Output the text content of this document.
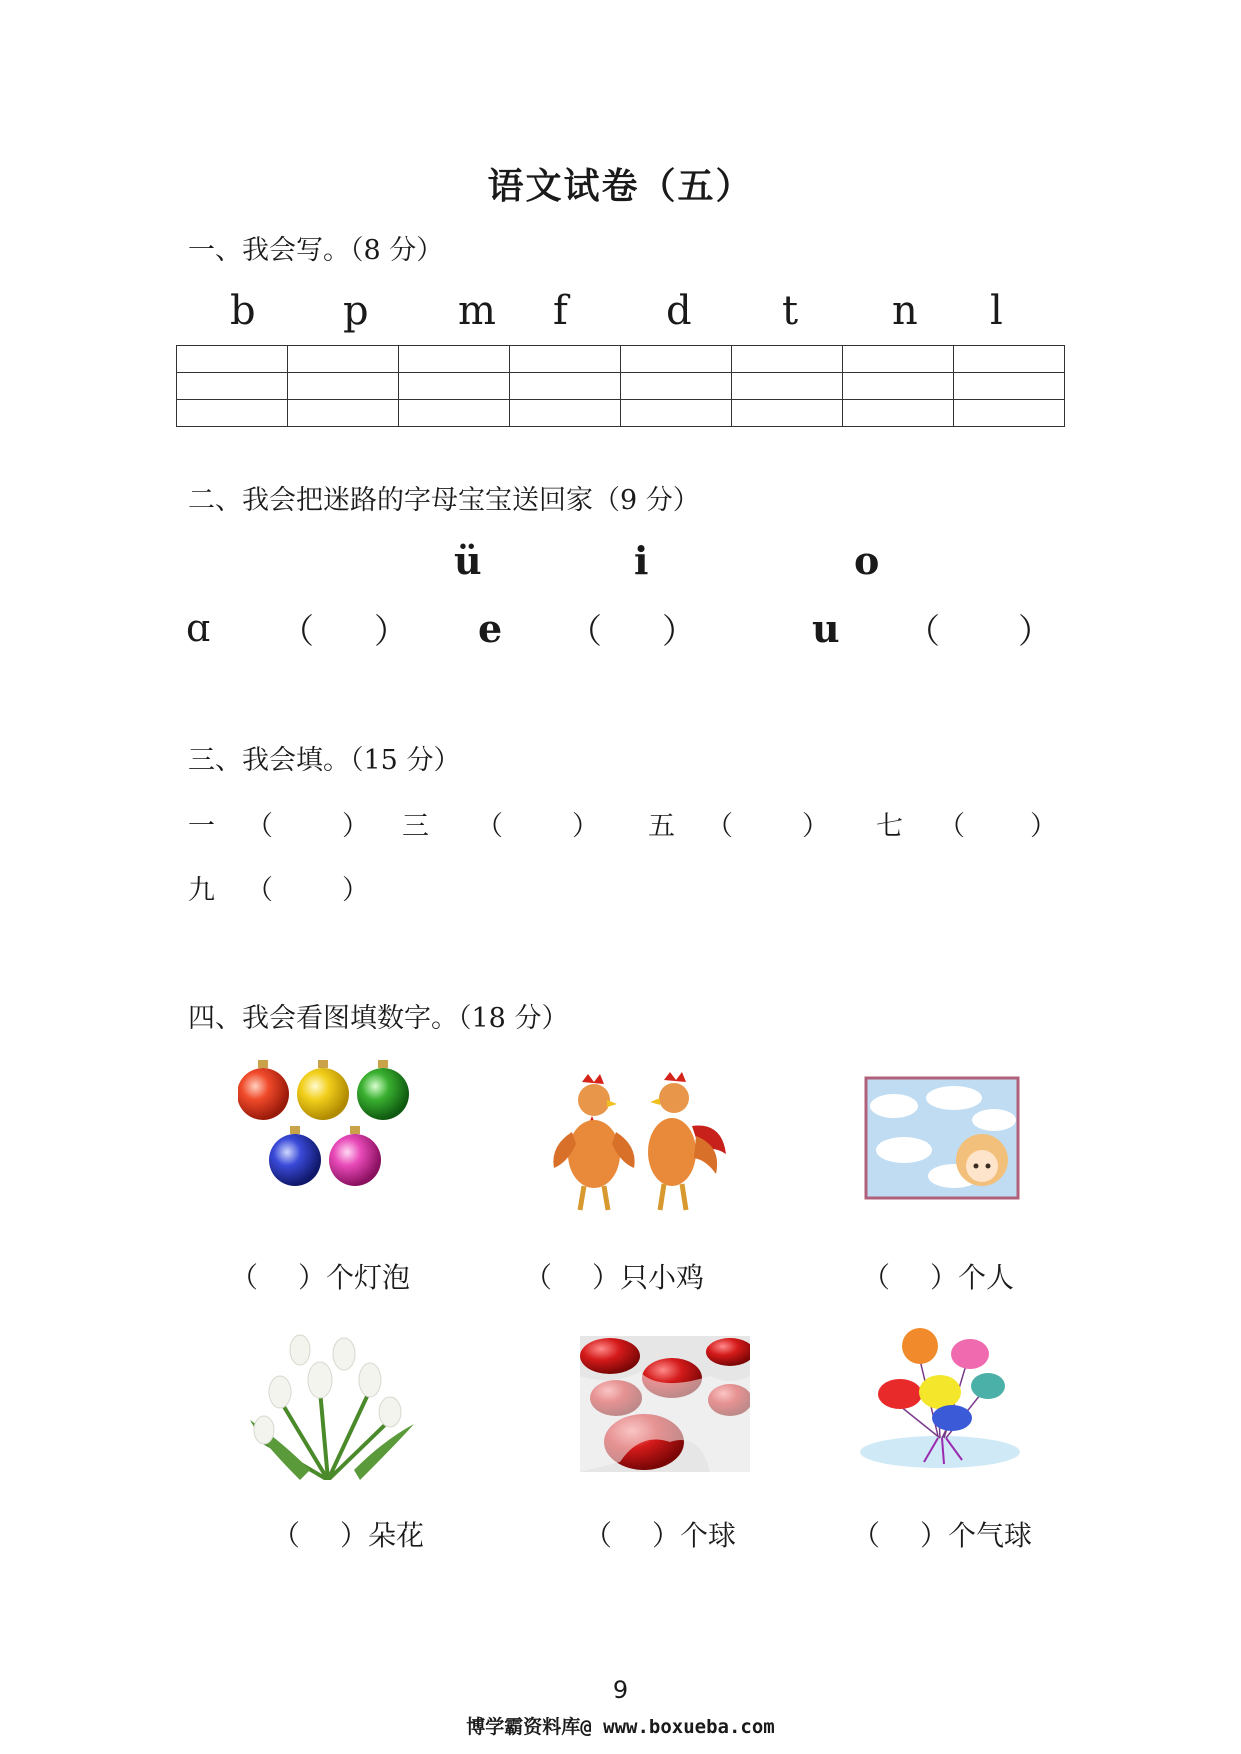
语文试卷（五）
一、我会写。（8 分）
b p m f d t n l

二、我会把迷路的字母宝宝送回家（9 分）
ü	i	o
ɑ （ ） e （ ）	u （ ）
三、我会填。（15 分）
一 （	） 三 （	） 五 （	） 七 （ ）
九 （	）
四、我会看图填数字。（18 分）
（ ）个灯泡	（ ）只小鸡	（ ）个人
（ ）朵花	（ ）个球	（ ）个气球
9
博学霸资料库@ www.boxueba.com
